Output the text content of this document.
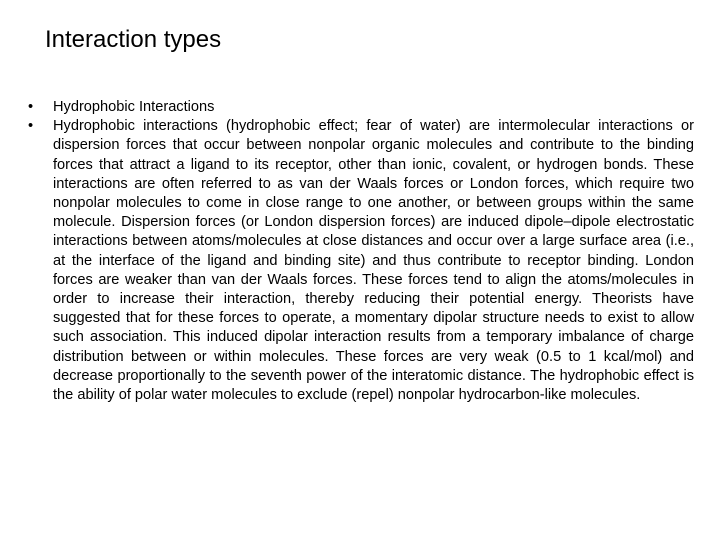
Interaction types
• Hydrophobic Interactions
• Hydrophobic interactions (hydrophobic effect; fear of water) are intermolecular interactions or dispersion forces that occur between nonpolar organic molecules and contribute to the binding forces that attract a ligand to its receptor, other than ionic, covalent, or hydrogen bonds. These interactions are often referred to as van der Waals forces or London forces, which require two nonpolar molecules to come in close range to one another, or between groups within the same molecule. Dispersion forces (or London dispersion forces) are induced dipole–dipole electrostatic interactions between atoms/molecules at close distances and occur over a large surface area (i.e., at the interface of the ligand and binding site) and thus contribute to receptor binding. London forces are weaker than van der Waals forces. These forces tend to align the atoms/molecules in order to increase their interaction, thereby reducing their potential energy. Theorists have suggested that for these forces to operate, a momentary dipolar structure needs to exist to allow such association. This induced dipolar interaction results from a temporary imbalance of charge distribution between or within molecules. These forces are very weak (0.5 to 1 kcal/mol) and decrease proportionally to the seventh power of the interatomic distance. The hydrophobic effect is the ability of polar water molecules to exclude (repel) nonpolar hydrocarbon-like molecules.
